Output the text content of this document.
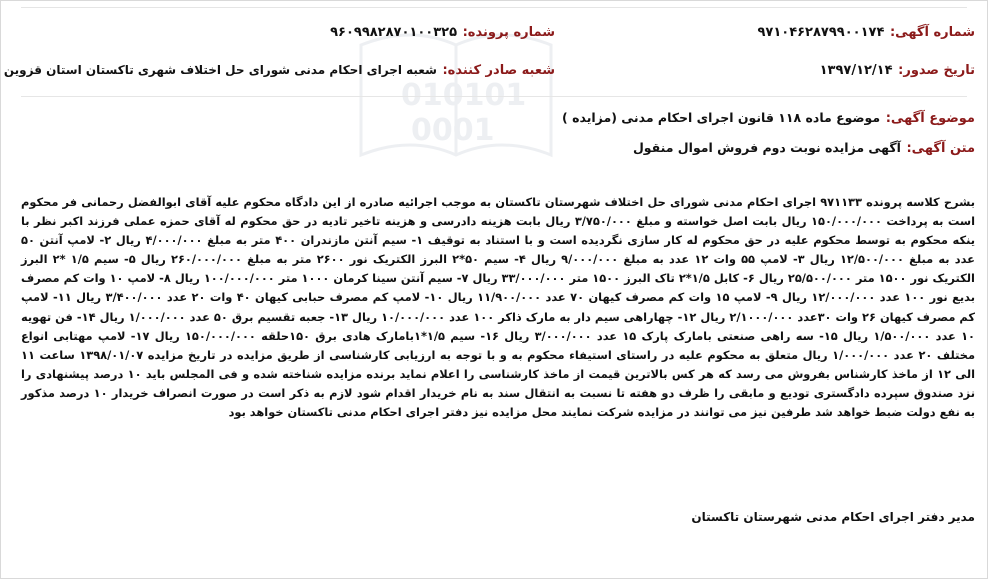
010101
0001
شماره آگهی: ۹۷۱۰۴۶۲۸۷۹۹۰۰۱۷۴
شماره پرونده: ۹۶۰۹۹۸۲۸۷۰۱۰۰۳۲۵
تاریخ صدور: ۱۳۹۷/۱۲/۱۴
شعبه صادر کننده: شعبه اجرای احکام مدنی شورای حل اختلاف شهری تاکستان استان قزوین
موضوع آگهی: موضوع ماده ۱۱۸ قانون اجرای احکام مدنی (مزایده )
متن آگهی: آگهی مزایده نوبت دوم فروش اموال منقول
بشرح کلاسه پرونده ۹۷۱۱۳۳ اجرای احکام مدنی شورای حل اختلاف شهرستان تاکستان به موجب اجرائیه صادره از این دادگاه محکوم علیه آقای ابوالفضل رحمانی فر محکوم است به پرداخت ۱۵۰/۰۰۰/۰۰۰ ریال بابت اصل خواسته و مبلغ ۳/۷۵۰/۰۰۰ ریال بابت هزینه دادرسی و هزینه تاخیر تادیه در حق محکوم له آقای حمزه عملی فرزند اکبر نظر با ینکه محکوم به توسط محکوم علیه در حق محکوم له کار سازی نگردیده است و با استناد به توقیف ۱- سیم آنتن مازندران ۴۰۰ متر به مبلغ ۴/۰۰۰/۰۰۰ ریال ۲- لامپ آنتن ۵۰ عدد به مبلغ ۱۲/۵۰۰/۰۰۰ ریال ۳- لامپ ۵۵ وات ۱۲ عدد به مبلغ ۹/۰۰۰/۰۰۰ ریال ۴- سیم ۵۰*۲ البرز الکتریک نور ۲۶۰۰ متر به مبلغ ۲۶۰/۰۰۰/۰۰۰ ریال ۵- سیم ۱/۵ *۲ البرز الکتریک نور ۱۵۰۰ متر ۲۵/۵۰۰/۰۰۰ ریال ۶- کابل ۱/۵*۲ تاک البرز ۱۵۰۰ متر ۳۳/۰۰۰/۰۰۰ ریال ۷- سیم آنتن سینا کرمان ۱۰۰۰ متر ۱۰۰/۰۰۰/۰۰۰ ریال ۸- لامپ ۱۰ وات کم مصرف بدیع نور ۱۰۰ عدد ۱۲/۰۰۰/۰۰۰ ریال ۹- لامپ ۱۵ وات کم مصرف کیهان ۷۰ عدد ۱۱/۹۰۰/۰۰۰ ریال ۱۰- لامپ کم مصرف حبابی کیهان ۴۰ وات ۲۰ عدد ۳/۴۰۰/۰۰۰ ریال ۱۱- لامپ کم مصرف کیهان ۲۶ وات ۳۰عدد ۲/۱۰۰۰/۰۰۰ ریال ۱۲- چهاراهی سیم دار به مارک ذاکر ۱۰۰ عدد ۱۰/۰۰۰/۰۰۰ ریال ۱۳- جعبه تقسیم برق ۵۰ عدد ۱/۰۰۰/۰۰۰ ریال ۱۴- فن تهویه ۱۰ عدد ۱/۵۰۰/۰۰۰ ریال ۱۵- سه راهی صنعتی بامارک پارک ۱۵ عدد ۳/۰۰۰/۰۰۰ ریال ۱۶- سیم ۱/۵*۱بامارک هادی برق ۱۵۰حلقه ۱۵۰/۰۰۰/۰۰۰ ریال ۱۷- لامپ مهتابی انواع مختلف ۲۰ عدد ۱/۰۰۰/۰۰۰ ریال متعلق به محکوم علیه در راستای استیفاء محکوم به و با توجه به ارزیابی کارشناسی از طریق مزایده در تاریخ مزایده ۱۳۹۸/۰۱/۰۷ ساعت ۱۱ الی ۱۲ از ماخذ کارشناس بفروش می رسد که هر کس بالاترین قیمت از ماخذ کارشناسی را اعلام نماید برنده مزایده شناخته شده و فی المجلس باید ۱۰ درصد پیشنهادی را نزد صندوق سپرده دادگستری تودیع و مابقی را ظرف دو هفته تا نسبت به انتقال سند به نام خریدار اقدام شود لازم به ذکر است در صورت انصراف خریدار ۱۰ درصد مذکور به نفع دولت ضبط خواهد شد طرفین نیز می توانند در مزایده شرکت نمایند محل مزایده نیز دفتر اجرای احکام مدنی تاکستان خواهد بود
مدیر دفتر اجرای احکام مدنی شهرستان تاکستان
